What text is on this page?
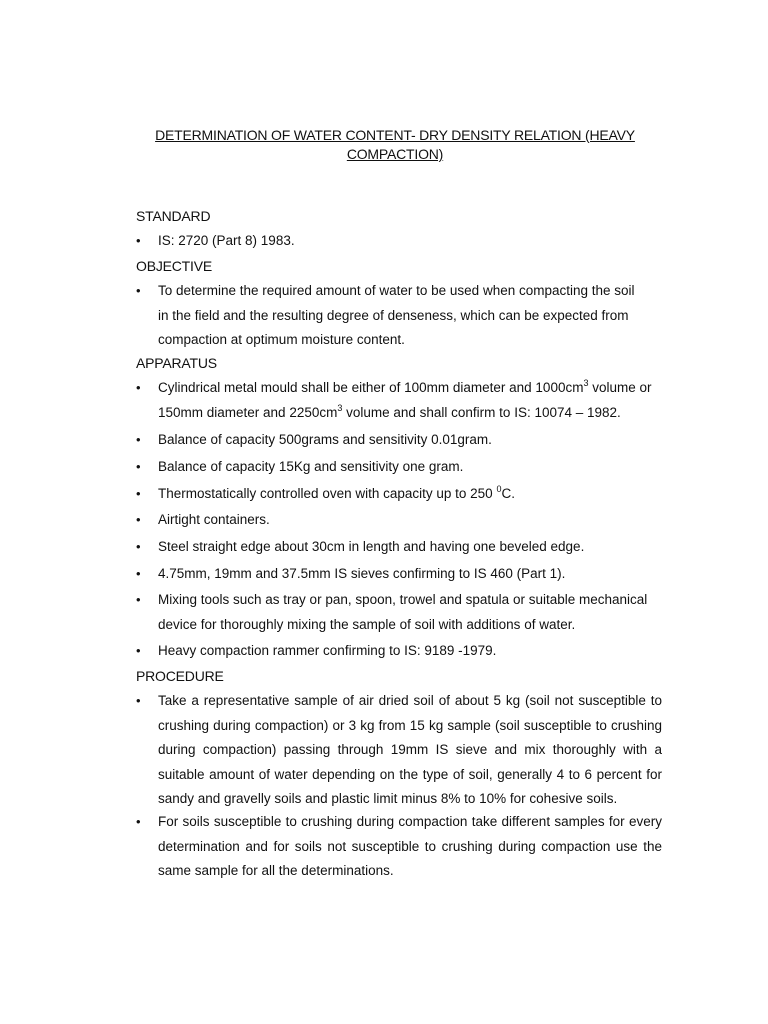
DETERMINATION OF WATER CONTENT- DRY DENSITY RELATION (HEAVY
COMPACTION)
STANDARD
•	IS: 2720 (Part 8) 1983.
OBJECTIVE
•	To determine the required amount of water to be used when compacting the soil in the field and the resulting degree of denseness, which can be expected from compaction at optimum moisture content.
APPARATUS
•	Cylindrical metal mould shall be either of 100mm diameter and $1000cm^3$ volume or 150mm diameter and $2250cm^3$ volume and shall confirm to IS: 10074 – 1982.
•	Balance of capacity 500grams and sensitivity 0.01gram.
•	Balance of capacity 15Kg and sensitivity one gram.
•	Thermostatically controlled oven with capacity up to 250 $^0$C.
•	Airtight containers.
•	Steel straight edge about 30cm in length and having one beveled edge.
•	4.75mm, 19mm and 37.5mm IS sieves confirming to IS 460 (Part 1).
•	Mixing tools such as tray or pan, spoon, trowel and spatula or suitable mechanical device for thoroughly mixing the sample of soil with additions of water.
•	Heavy compaction rammer confirming to IS: 9189 -1979.
PROCEDURE
•	Take a representative sample of air dried soil of about 5 kg (soil not susceptible to crushing during compaction) or 3 kg from 15 kg sample (soil susceptible to crushing during compaction) passing through 19mm IS sieve and mix thoroughly with a suitable amount of water depending on the type of soil, generally 4 to 6 percent for sandy and gravelly soils and plastic limit minus 8% to 10% for cohesive soils.
•	For soils susceptible to crushing during compaction take different samples for every determination and for soils not susceptible to crushing during compaction use the same sample for all the determinations.
